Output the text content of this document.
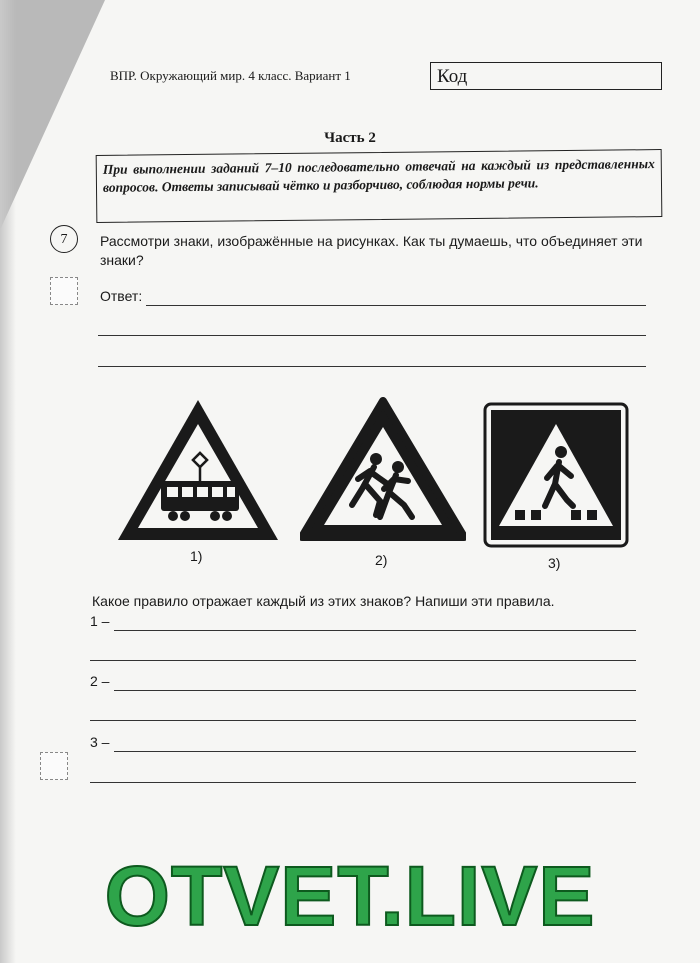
ВПР. Окружающий мир. 4 класс. Вариант 1	Код
Часть 2
При выполнении заданий 7–10 последовательно отвечай на каждый из представленных вопросов. Ответы записывай чётко и разборчиво, соблюдая нормы речи.
7	Рассмотри знаки, изображённые на рисунках. Как ты думаешь, что объединяет эти знаки?
Ответ:
1)	2)	3)
Какое правило отражает каждый из этих знаков? Напиши эти правила.
1 –
2 –
3 –
OTVET.LIVE
